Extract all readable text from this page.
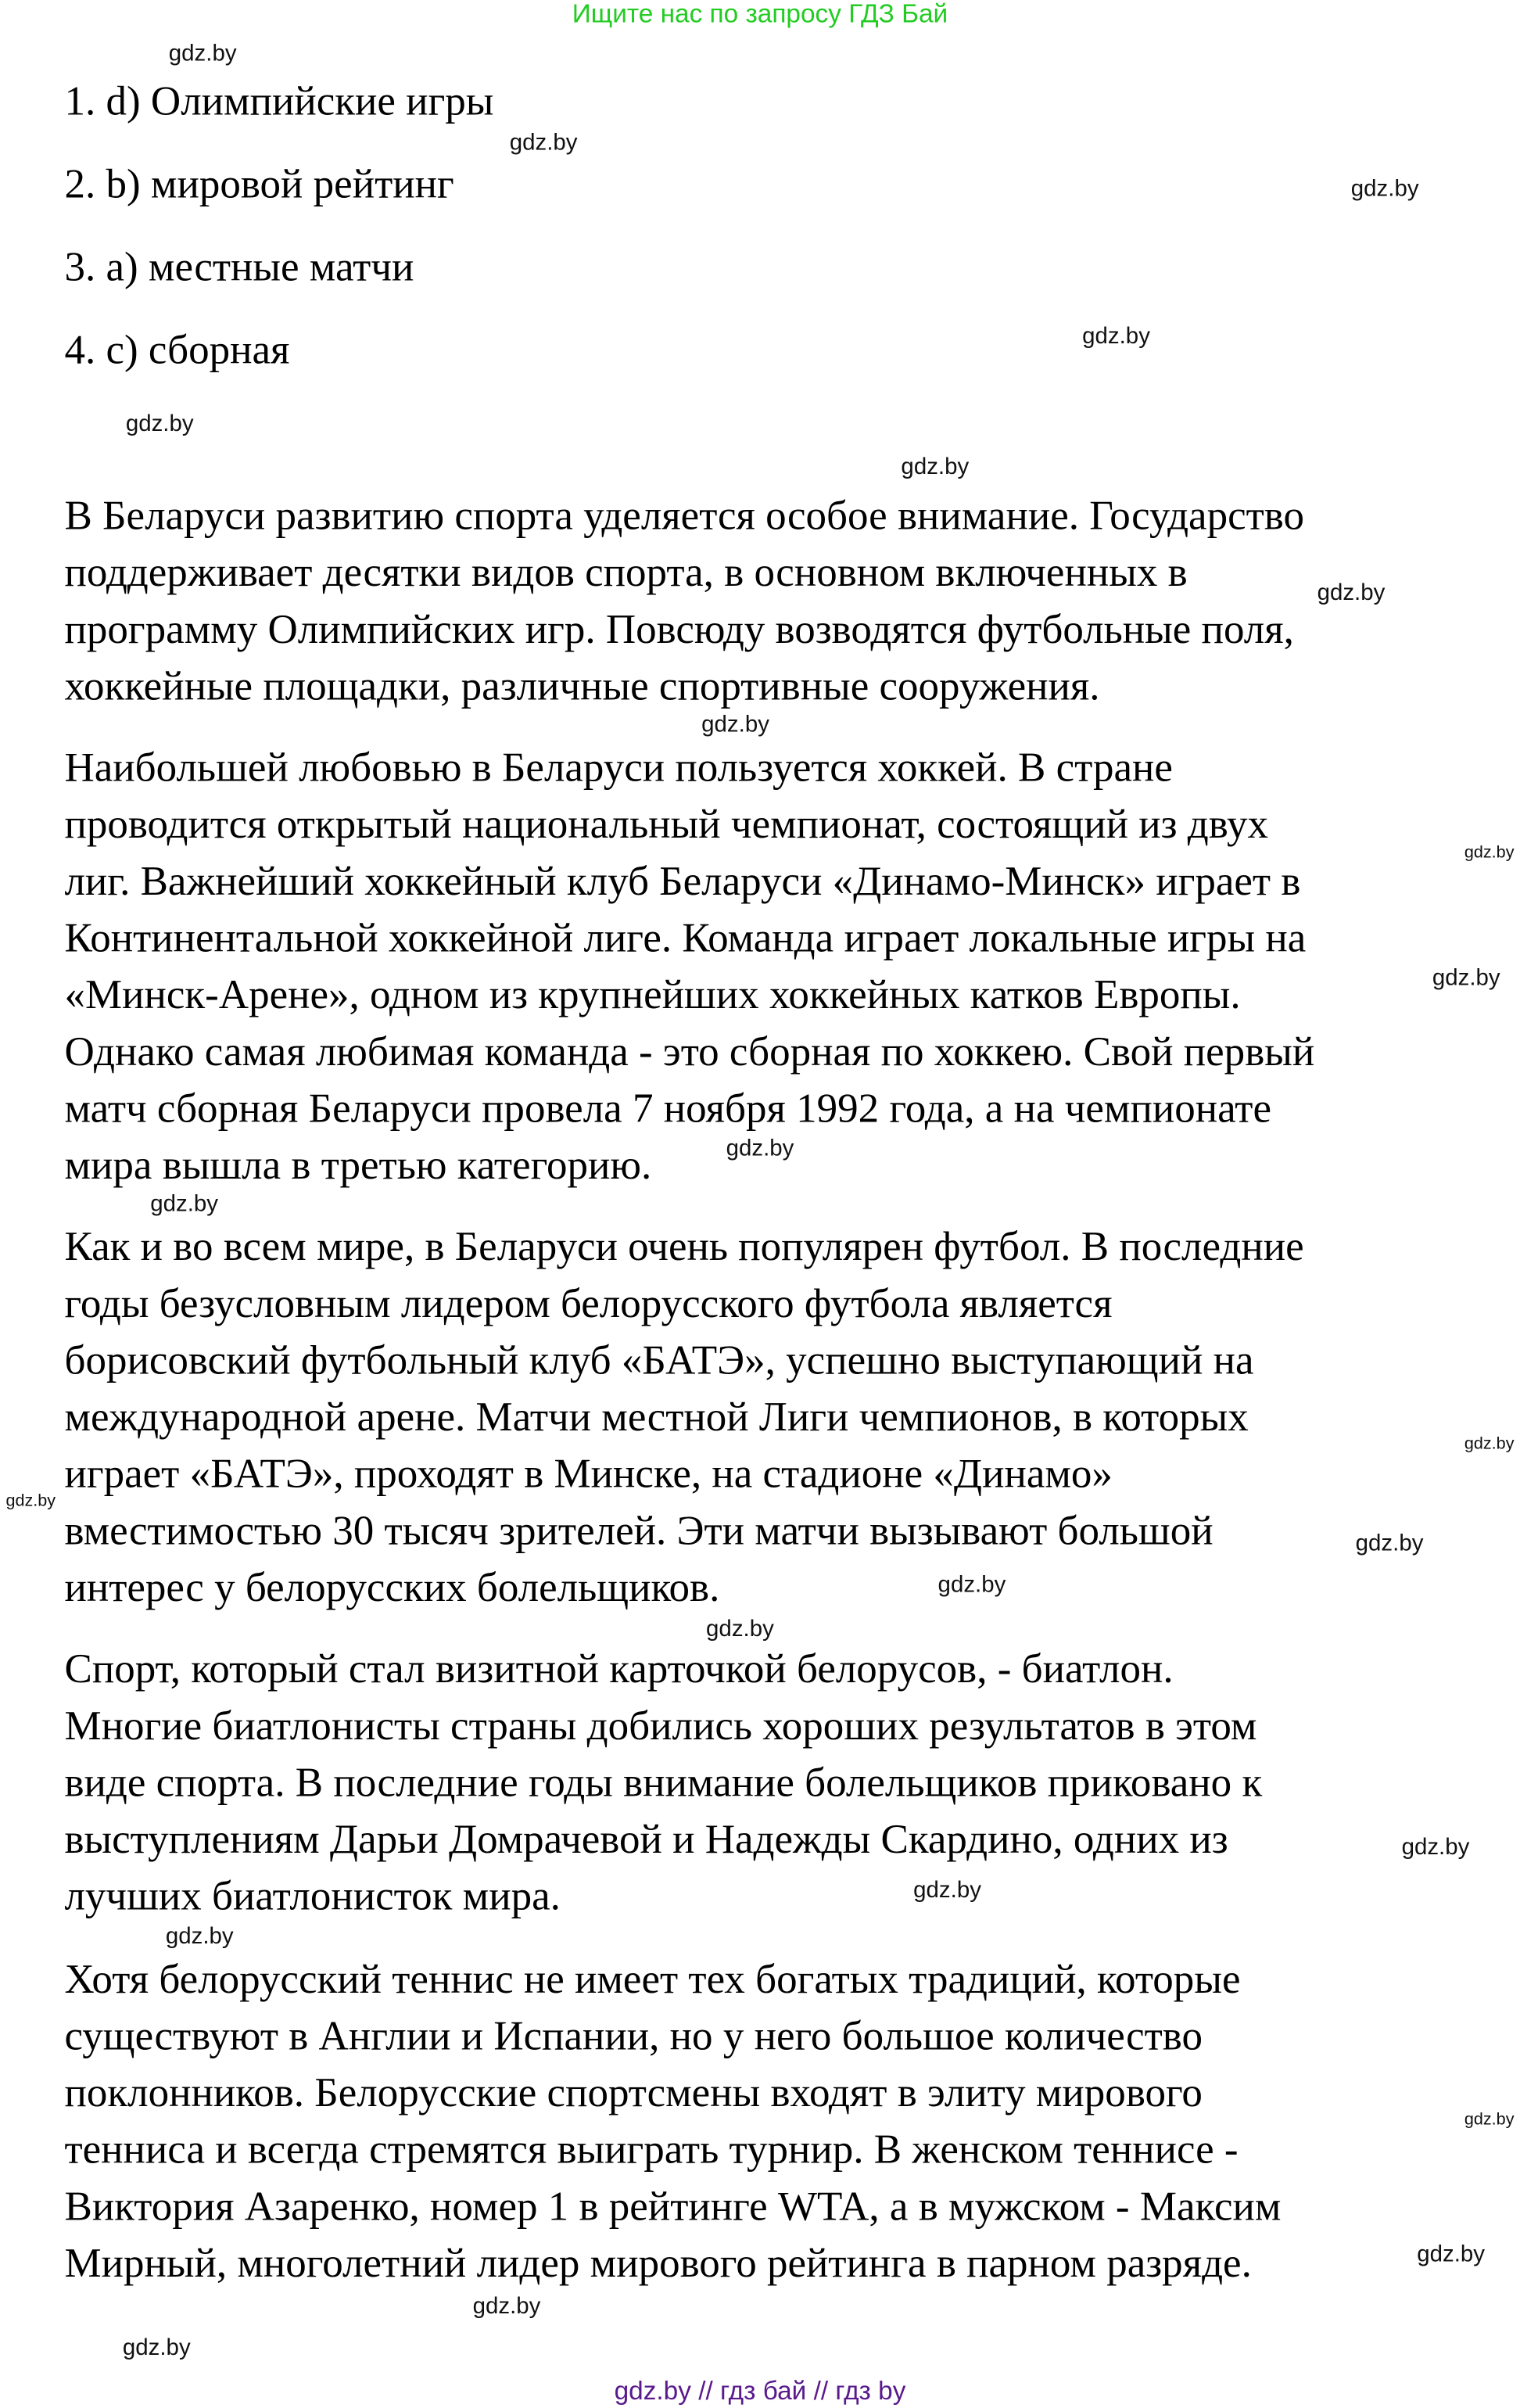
Ищите нас по запросу ГДЗ Бай
1. d) Олимпийские игры
2. b) мировой рейтинг
3. a) местные матчи
4. c) сборная
В Беларуси развитию спорта уделяется особое внимание. Государство
поддерживает десятки видов спорта, в основном включенных в
программу Олимпийских игр. Повсюду возводятся футбольные поля,
хоккейные площадки, различные спортивные сооружения.
Наибольшей любовью в Беларуси пользуется хоккей. В стране
проводится открытый национальный чемпионат, состоящий из двух
лиг. Важнейший хоккейный клуб Беларуси «Динамо-Минск» играет в
Континентальной хоккейной лиге. Команда играет локальные игры на
«Минск-Арене», одном из крупнейших хоккейных катков Европы.
Однако самая любимая команда - это сборная по хоккею. Свой первый
матч сборная Беларуси провела 7 ноября 1992 года, а на чемпионате
мира вышла в третью категорию.
Как и во всем мире, в Беларуси очень популярен футбол. В последние
годы безусловным лидером белорусского футбола является
борисовский футбольный клуб «БАТЭ», успешно выступающий на
международной арене. Матчи местной Лиги чемпионов, в которых
играет «БАТЭ», проходят в Минске, на стадионе «Динамо»
вместимостью 30 тысяч зрителей. Эти матчи вызывают большой
интерес у белорусских болельщиков.
Спорт, который стал визитной карточкой белорусов, - биатлон.
Многие биатлонисты страны добились хороших результатов в этом
виде спорта. В последние годы внимание болельщиков приковано к
выступлениям Дарьи Домрачевой и Надежды Скардино, одних из
лучших биатлонисток мира.
Хотя белорусский теннис не имеет тех богатых традиций, которые
существуют в Англии и Испании, но у него большое количество
поклонников. Белорусские спортсмены входят в элиту мирового
тенниса и всегда стремятся выиграть турнир. В женском теннисе -
Виктория Азаренко, номер 1 в рейтинге WTA, а в мужском - Максим
Мирный, многолетний лидер мирового рейтинга в парном разряде.
gdz.by
gdz.by
gdz.by
gdz.by
gdz.by
gdz.by
gdz.by
gdz.by
gdz.by
gdz.by
gdz.by
gdz.by
gdz.by
gdz.by
gdz.by
gdz.by
gdz.by
gdz.by
gdz.by
gdz.by
gdz.by
gdz.by
gdz.by
gdz.by
gdz.by // гдз бай // гдз by
